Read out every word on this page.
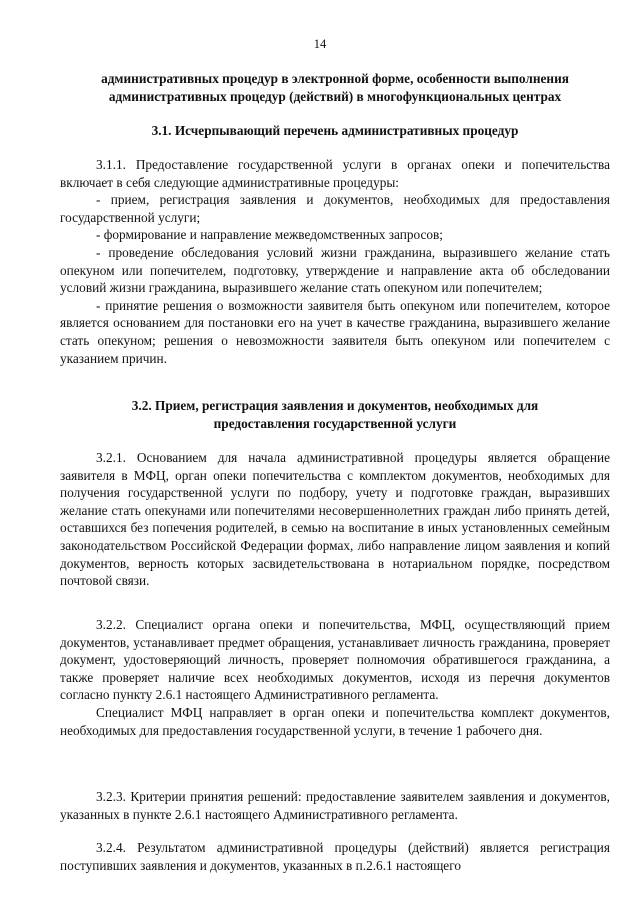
14
административных процедур в электронной форме, особенности выполнения
административных процедур (действий) в многофункциональных центрах
3.1. Исчерпывающий перечень административных процедур

3.1.1. Предоставление государственной услуги в органах опеки и попечительства включает в себя следующие административные процедуры:

- прием, регистрация заявления и документов, необходимых для предоставления государственной услуги;

- формирование и направление межведомственных запросов;

- проведение обследования условий жизни гражданина, выразившего желание стать опекуном или попечителем, подготовку, утверждение и направление акта об обследовании условий жизни гражданина, выразившего желание стать опекуном или попечителем;

- принятие решения о возможности заявителя быть опекуном или попечителем, которое является основанием для постановки его на учет в качестве гражданина, выразившего желание стать опекуном; решения о невозможности заявителя быть опекуном или попечителем с указанием причин.

3.2. Прием, регистрация заявления и документов, необходимых для
предоставления государственной услуги

3.2.1. Основанием для начала административной процедуры является обращение заявителя в МФЦ, орган опеки попечительства с комплектом документов, необходимых для получения государственной услуги по подбору, учету и подготовке граждан, выразивших желание стать опекунами или попечителями несовершеннолетних граждан либо принять детей, оставшихся без попечения родителей, в семью на воспитание в иных установленных семейным законодательством Российской Федерации формах, либо направление лицом заявления и копий документов, верность которых засвидетельствована в нотариальном порядке, посредством почтовой связи.

3.2.2. Специалист органа опеки и попечительства, МФЦ, осуществляющий прием документов, устанавливает предмет обращения, устанавливает личность гражданина, проверяет документ, удостоверяющий личность, проверяет полномочия обратившегося гражданина, а также проверяет наличие всех необходимых документов, исходя из перечня документов согласно пункту 2.6.1 настоящего Административного регламента.

Специалист МФЦ направляет в орган опеки и попечительства комплект документов, необходимых для предоставления государственной услуги, в течение 1 рабочего дня.

3.2.3. Критерии принятия решений: предоставление заявителем заявления и документов, указанных в пункте 2.6.1 настоящего Административного регламента.

3.2.4. Результатом административной процедуры (действий) является регистрация поступивших заявления и документов, указанных в п.2.6.1 настоящего
